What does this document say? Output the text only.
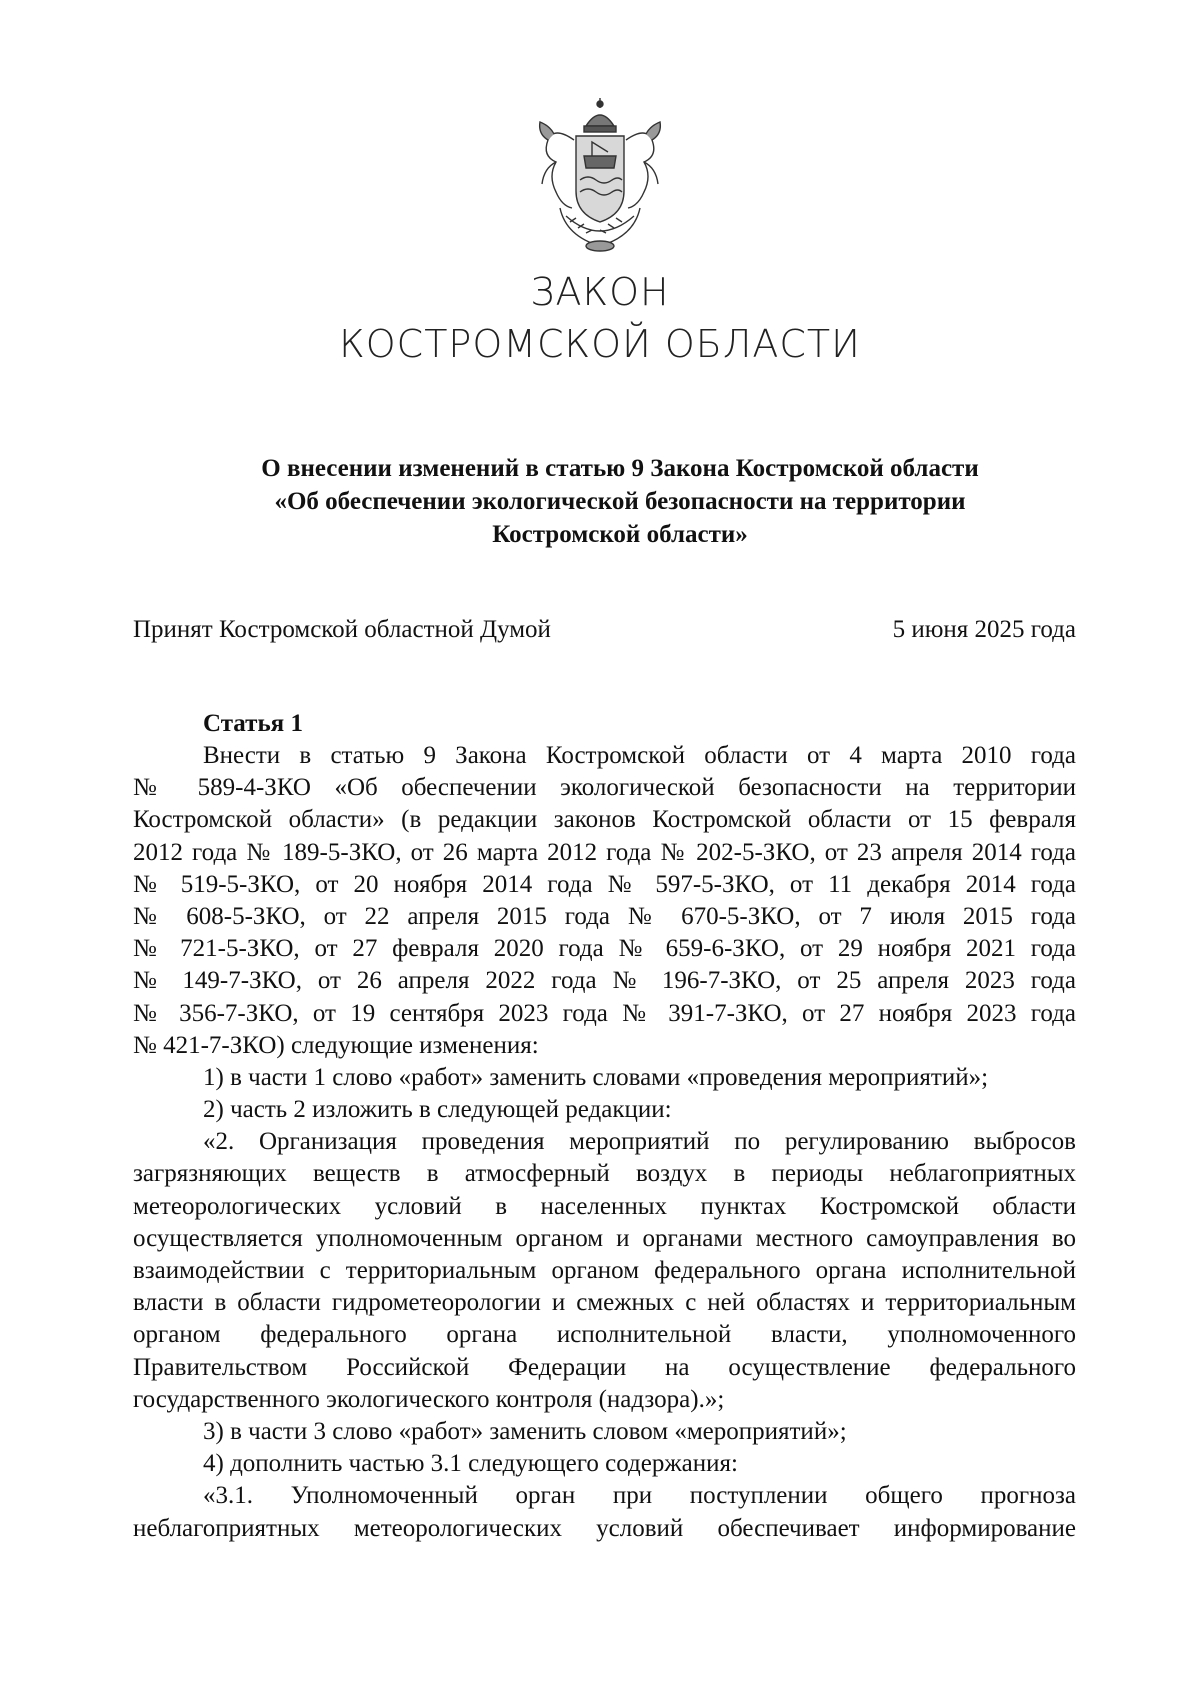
ЗАКОН
КОСТРОМСКОЙ ОБЛАСТИ
О внесении изменений в статью 9 Закона Костромской области
«Об обеспечении экологической безопасности на территории
Костромской области»
Принят Костромской областной Думой	5 июня 2025 года
Статья 1
Внести в статью 9 Закона Костромской области от 4 марта 2010 года
№ 589-4-ЗКО «Об обеспечении экологической безопасности на территории
Костромской области» (в редакции законов Костромской области от 15 февраля
2012 года № 189-5-ЗКО, от 26 марта 2012 года № 202-5-ЗКО, от 23 апреля 2014 года
№ 519-5-ЗКО, от 20 ноября 2014 года № 597-5-ЗКО, от 11 декабря 2014 года
№ 608-5-ЗКО, от 22 апреля 2015 года № 670-5-ЗКО, от 7 июля 2015 года
№ 721-5-ЗКО, от 27 февраля 2020 года № 659-6-ЗКО, от 29 ноября 2021 года
№ 149-7-ЗКО, от 26 апреля 2022 года № 196-7-ЗКО, от 25 апреля 2023 года
№ 356-7-ЗКО, от 19 сентября 2023 года № 391-7-ЗКО, от 27 ноября 2023 года
№ 421-7-ЗКО) следующие изменения:
1) в части 1 слово «работ» заменить словами «проведения мероприятий»;
2) часть 2 изложить в следующей редакции:
«2. Организация проведения мероприятий по регулированию выбросов
загрязняющих веществ в атмосферный воздух в периоды неблагоприятных
метеорологических условий в населенных пунктах Костромской области
осуществляется уполномоченным органом и органами местного самоуправления во
взаимодействии с территориальным органом федерального органа исполнительной
власти в области гидрометеорологии и смежных с ней областях и территориальным
органом федерального органа исполнительной власти, уполномоченного
Правительством Российской Федерации на осуществление федерального
государственного экологического контроля (надзора).»;
3) в части 3 слово «работ» заменить словом «мероприятий»;
4) дополнить частью 3.1 следующего содержания:
«3.1. Уполномоченный орган при поступлении общего прогноза
неблагоприятных метеорологических условий обеспечивает информирование
